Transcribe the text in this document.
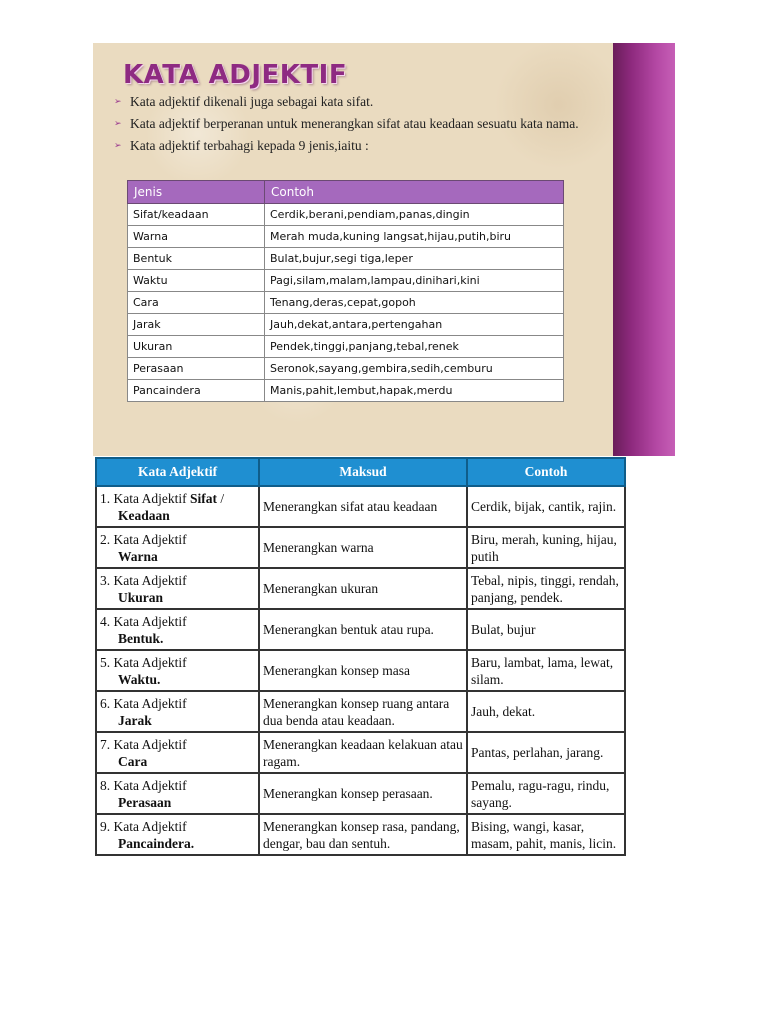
KATA ADJEKTIF
➢ Kata adjektif dikenali juga sebagai kata sifat.
➢ Kata adjektif berperanan untuk menerangkan sifat atau keadaan sesuatu kata nama.
➢ Kata adjektif terbahagi kepada 9 jenis,iaitu :
Jenis	Contoh
Sifat/keadaan	Cerdik,berani,pendiam,panas,dingin
Warna	Merah muda,kuning langsat,hijau,putih,biru
Bentuk	Bulat,bujur,segi tiga,leper
Waktu	Pagi,silam,malam,lampau,dinihari,kini
Cara	Tenang,deras,cepat,gopoh
Jarak	Jauh,dekat,antara,pertengahan
Ukuran	Pendek,tinggi,panjang,tebal,renek
Perasaan	Seronok,sayang,gembira,sedih,cemburu
Pancaindera	Manis,pahit,lembut,hapak,merdu
Kata Adjektif	Maksud	Contoh
1. Kata Adjektif Sifat /
Keadaan	Menerangkan sifat atau keadaan	Cerdik, bijak, cantik, rajin.
2. Kata Adjektif
Warna	Menerangkan warna	Biru, merah, kuning, hijau, putih
3. Kata Adjektif
Ukuran	Menerangkan ukuran	Tebal, nipis, tinggi, rendah, panjang, pendek.
4. Kata Adjektif
Bentuk.	Menerangkan bentuk atau rupa.	Bulat, bujur
5. Kata Adjektif
Waktu.	Menerangkan konsep masa	Baru, lambat, lama, lewat, silam.
6. Kata Adjektif
Jarak	Menerangkan konsep ruang antara dua benda atau keadaan.	Jauh, dekat.
7. Kata Adjektif
Cara	Menerangkan keadaan kelakuan atau ragam.	Pantas, perlahan, jarang.
8. Kata Adjektif
Perasaan	Menerangkan konsep perasaan.	Pemalu, ragu-ragu, rindu, sayang.
9. Kata Adjektif
Pancaindera.	Menerangkan konsep rasa, pandang, dengar, bau dan sentuh.	Bising, wangi, kasar, masam, pahit, manis, licin.
